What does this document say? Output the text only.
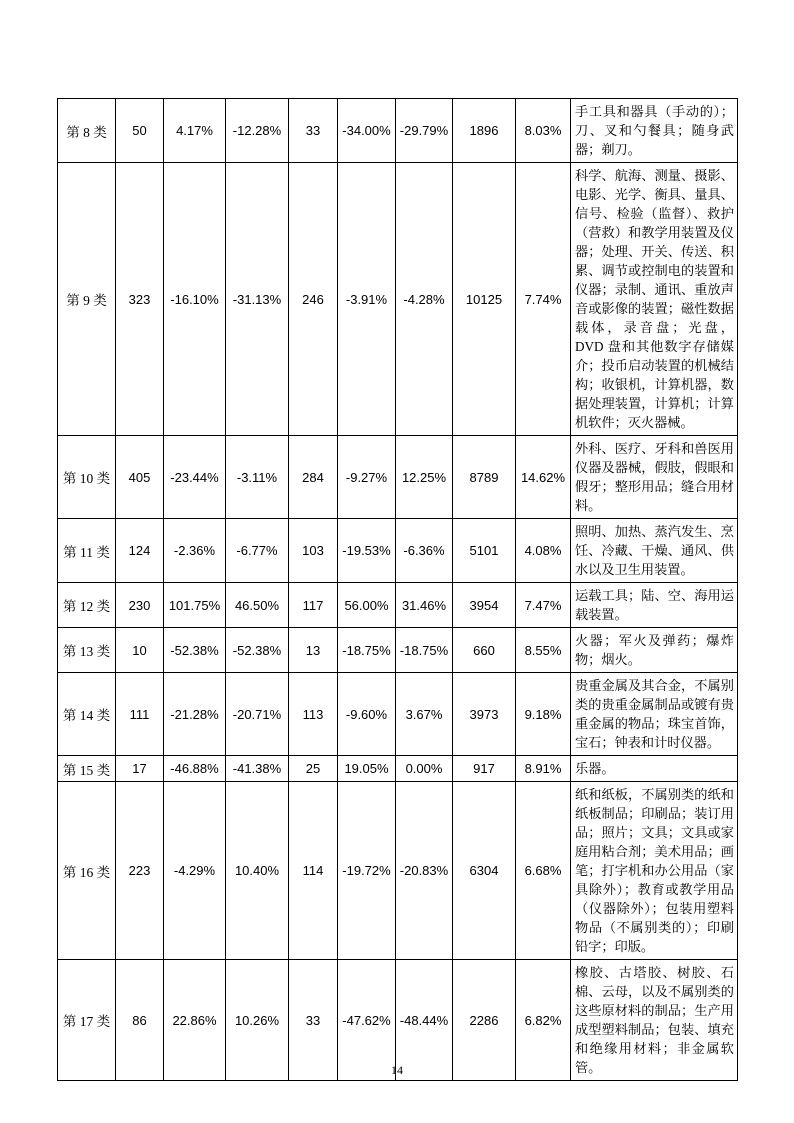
第 8 类	50	4.17%	-12.28%	33	-34.00%	-29.79%	1896	8.03%	手工具和器具（手动的）；刀、叉和勺餐具；随身武器；剃刀。
第 9 类	323	-16.10%	-31.13%	246	-3.91%	-4.28%	10125	7.74%	科学、航海、测量、摄影、电影、光学、衡具、量具、信号、检验（监督）、救护（营救）和教学用装置及仪器；处理、开关、传送、积累、调节或控制电的装置和仪器；录制、通讯、重放声音或影像的装置；磁性数据载体，录音盘；光盘，DVD 盘和其他数字存储媒介；投币启动装置的机械结构；收银机，计算机器，数据处理装置，计算机；计算机软件；灭火器械。
第 10 类	405	-23.44%	-3.11%	284	-9.27%	12.25%	8789	14.62%	外科、医疗、牙科和兽医用仪器及器械，假肢，假眼和假牙；整形用品；缝合用材料。
第 11 类	124	-2.36%	-6.77%	103	-19.53%	-6.36%	5101	4.08%	照明、加热、蒸汽发生、烹饪、冷藏、干燥、通风、供水以及卫生用装置。
第 12 类	230	101.75%	46.50%	117	56.00%	31.46%	3954	7.47%	运载工具；陆、空、海用运载装置。
第 13 类	10	-52.38%	-52.38%	13	-18.75%	-18.75%	660	8.55%	火器；军火及弹药；爆炸物；烟火。
第 14 类	111	-21.28%	-20.71%	113	-9.60%	3.67%	3973	9.18%	贵重金属及其合金，不属别类的贵重金属制品或镀有贵重金属的物品；珠宝首饰，宝石；钟表和计时仪器。
第 15 类	17	-46.88%	-41.38%	25	19.05%	0.00%	917	8.91%	乐器。
第 16 类	223	-4.29%	10.40%	114	-19.72%	-20.83%	6304	6.68%	纸和纸板，不属别类的纸和纸板制品；印刷品；装订用品；照片；文具；文具或家庭用粘合剂；美术用品；画笔；打字机和办公用品（家具除外）；教育或教学用品（仪器除外）；包装用塑料物品（不属别类的）；印刷铅字；印版。
第 17 类	86	22.86%	10.26%	33	-47.62%	-48.44%	2286	6.82%	橡胶、古塔胶、树胶、石棉、云母，以及不属别类的这些原材料的制品；生产用成型塑料制品；包装、填充和绝缘用材料；非金属软管。
14
